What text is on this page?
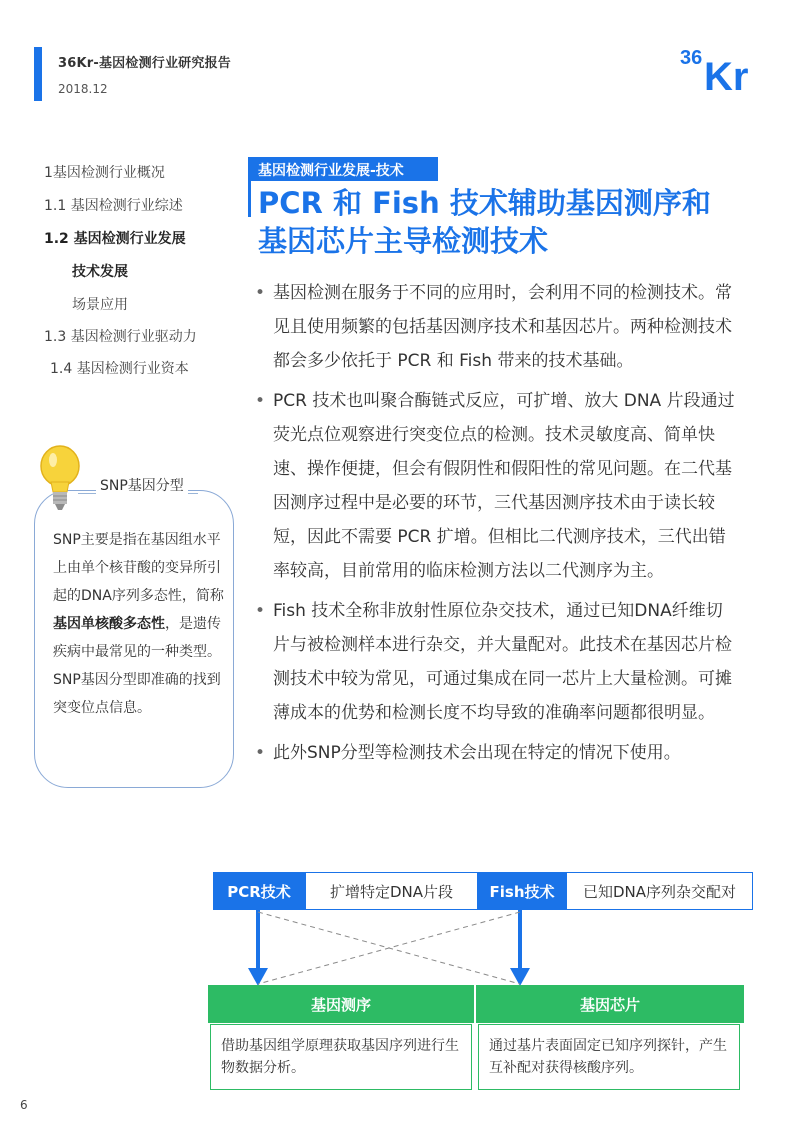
36Kr-基因检测行业研究报告
2018.12
36 Kr
1基因检测行业概况
1.1 基因检测行业综述
1.2 基因检测行业发展
技术发展
场景应用
1.3 基因检测行业驱动力
1.4 基因检测行业资本
SNP基因分型
SNP主要是指在基因组水平上由单个核苷酸的变异所引起的DNA序列多态性，简称基因单核酸多态性，是遗传疾病中最常见的一种类型。SNP基因分型即准确的找到突变位点信息。
基因检测行业发展-技术
PCR 和 Fish 技术辅助基因测序和基因芯片主导检测技术
• 基因检测在服务于不同的应用时，会利用不同的检测技术。常见且使用频繁的包括基因测序技术和基因芯片。两种检测技术都会多少依托于 PCR 和 Fish 带来的技术基础。
• PCR 技术也叫聚合酶链式反应，可扩增、放大 DNA 片段通过荧光点位观察进行突变位点的检测。技术灵敏度高、简单快速、操作便捷，但会有假阴性和假阳性的常见问题。在二代基因测序过程中是必要的环节，三代基因测序技术由于读长较短，因此不需要 PCR 扩增。但相比二代测序技术，三代出错率较高，目前常用的临床检测方法以二代测序为主。
• Fish 技术全称非放射性原位杂交技术，通过已知DNA纤维切片与被检测样本进行杂交，并大量配对。此技术在基因芯片检测技术中较为常见，可通过集成在同一芯片上大量检测。可摊薄成本的优势和检测长度不均导致的准确率问题都很明显。
• 此外SNP分型等检测技术会出现在特定的情况下使用。
PCR技术	扩增特定DNA片段	Fish技术	已知DNA序列杂交配对
基因测序	基因芯片
借助基因组学原理获取基因序列进行生物数据分析。
通过基片表面固定已知序列探针，产生互补配对获得核酸序列。
6
